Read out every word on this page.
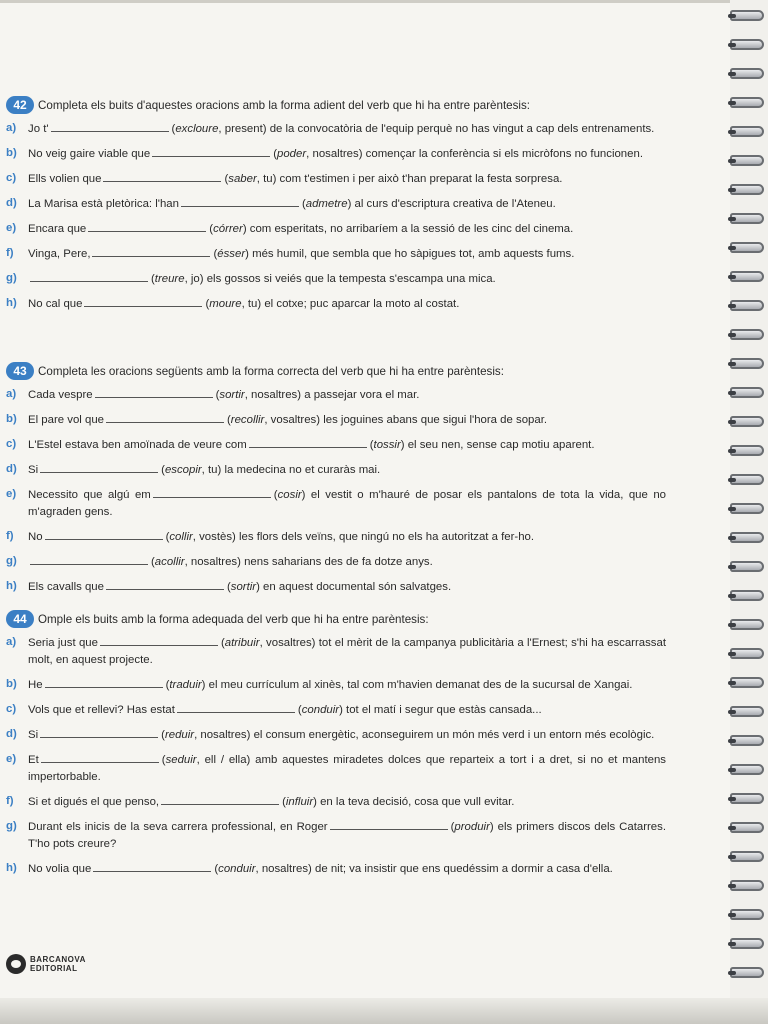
42 Completa els buits d'aquestes oracions amb la forma adient del verb que hi ha entre parèntesis:
a)	Jo t'	(excloure, present) de la convocatòria de l'equip perquè no has vingut a cap dels entrenaments.
b) No veig gaire viable que	(poder, nosaltres) començar la conferència si els micròfons no funcionen.
c)	Ells volien que	(saber, tu) com t'estimen i per això t'han preparat la festa sorpresa.
d) La Marisa està pletòrica: l'han	(admetre) al curs d'escriptura creativa de l'Ateneu.
e)	Encara que	(córrer) com esperitats, no arribaríem a la sessió de les cinc del cinema.
f)	Vinga, Pere,	(ésser) més humil, que sembla que ho sàpigues tot, amb aquests fums.
g)	(treure, jo) els gossos si veiés que la tempesta s'escampa una mica.
h) No cal que	(moure, tu) el cotxe; puc aparcar la moto al costat.
43 Completa les oracions següents amb la forma correcta del verb que hi ha entre parèntesis:
a)	Cada vespre	(sortir, nosaltres) a passejar vora el mar.
b) El pare vol que	(recollir, vosaltres) les joguines abans que sigui l'hora de sopar.
c)	L'Estel estava ben amoïnada de veure com	(tossir) el seu nen, sense cap motiu aparent.
d) Si	(escopir, tu) la medecina no et curaràs mai.
e)	Necessito que algú em	(cosir) el vestit o m'hauré de posar els pantalons de tota la vida, que no m'agraden gens.
f)	No	(collir, vostès) les flors dels veïns, que ningú no els ha autoritzat a fer-ho.
g)	(acollir, nosaltres) nens saharians des de fa dotze anys.
h) Els cavalls que	(sortir) en aquest documental són salvatges.
44 Omple els buits amb la forma adequada del verb que hi ha entre parèntesis:
a)	Seria just que	(atribuir, vosaltres) tot el mèrit de la campanya publicitària a l'Ernest; s'hi ha escarrassat molt, en aquest projecte.
b) He	(traduir) el meu currículum al xinès, tal com m'havien demanat des de la sucursal de Xangai.
c)	Vols que et rellevi? Has estat	(conduir) tot el matí i segur que estàs cansada...
d) Si	(reduir, nosaltres) el consum energètic, aconseguirem un món més verd i un entorn més ecològic.
e)	Et	(seduir, ell / ella) amb aquestes miradetes dolces que reparteix a tort i a dret, si no et mantens impertorbable.
f)	Si et digués el que penso,	(influir) en la teva decisió, cosa que vull evitar.
g) Durant els inicis de la seva carrera professional, en Roger	(produir) els primers discos dels Catarres. T'ho pots creure?
h) No volia que	(conduir, nosaltres) de nit; va insistir que ens quedéssim a dormir a casa d'ella.
BARCANOVA
EDITORIAL
